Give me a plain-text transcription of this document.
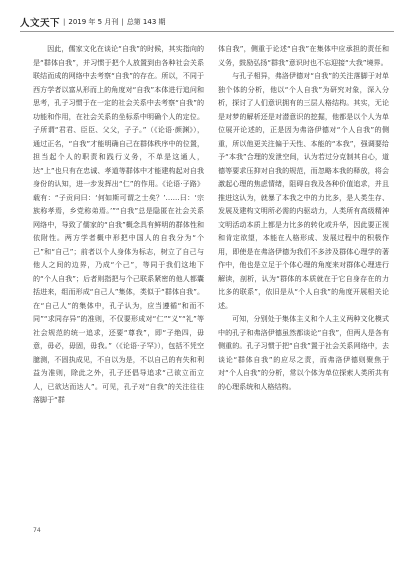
人文天下 | 2019 年 5 月刊 | 总第 143 期

因此，儒家文化在谈论“自我”的时候，其实指向的是“群体自我”，并习惯于把个人放置到由各种社会关系联结而成的网络中去考察“自我”的存在。所以，不同于西方学者以富从形而上的角度对“自我”本体进行追问和思考，孔子习惯于在一定的社会关系中去考察“自我”的功能和作用，在社会关系的坐标系中明确个人的定位。子所谓“君君、臣臣、父父，子子。”（《论语·颜渊》），通过正名，“自我”才能明确自己在群体秩序中的位置，担当起个人的职责和践行义务，不单是这通人，达“上”也只有在忠诚、孝道等群体中才能建构起对自我身份的认知，进一步发挥出“仁”的作用。《论语·子路》载有：“子贡问曰：‘何如斯可谓之士矣？’……曰：‘宗族称孝焉，乡党称弟焉。’”“自我”总是隐匿在社会关系网络中，导致了儒家的“自我”概念具有鲜明的群体性和依附性。两方学者概中形把中国人的自我分为“个己”和“自己”；前者以个人身体为标志，树立了自己与他人之间的边界，乃成“个己”，等同于我们这地下的“个人自我”；后者则指把与个己联系紧密的他人都囊括进来，组而形成“自己人”集体，类似于“群体自我”。在“自己人”的集体中，孔子认为，应当遵循“和而不同”“求同存异”的准则，不仅要形成对“仁”“义”“礼”等社会规范的统一追求，还要“尊我”，即“子绝四，毋意，毋必，毋固，毋我。”（《论语·子罕》），包括不凭空臆测，不固执成见，不自以为是，不以自己的有失和利益为准则，除此之外，孔子还倡导追求“己欲立而立人，已欲达而达人”。可见，孔子对“自我”的关注往往落脚于“群

体自我”，侧重于论述“自我”在集体中应承担的责任和义务，鼓励弘扬“群我”意识时也不忘迎接“大我”境界。

与孔子相异，弗洛伊德对“自我”的关注落脚于对单独个体的分析，他以“个人自我”为研究对象，深入分析，探讨了人们意识拥有的三层人格结构。其实，无论是对梦的解析还是对潜意识的挖掘，他都是以个人为单位展开论述的，正是因为弗洛伊德对“个人自我”的侧重，所以他更关注偏于天性、本能的“本我”，强调要给予“本我”合理的发泄空间，认为若过分克制其自心，道德等要求压抑对自我的规范，而忽略本我的释放，将会激起心理的焦虑情绪，阻碍自我及各种价值追求，并且推进这认为，就暴了本我之中的力比多，是人类生存、发展及建构文明所必需的内驱动力，人类所有高级精神文明活动本质上都是力比多的转化或升华，因此要正视和肯定欲望，本能在人格形成、发展过程中的积极作用，即使是在弗洛伊德为我们不多涉及群体心理学的著作中，他也是立足于个体心理的角度来对群体心理进行解读，剖析，认为“群体的本质就在于它自身存在的力比多的联系”，依旧是从“个人自我”的角度开展相关论述。

可知，分别处于集体主义和个人主义两种文化模式中的孔子和弗洛伊德虽然都谈论“自我”，但两人是各有侧重的。孔子习惯于把“自我”置于社会关系网络中，去谈论“群体自我”的应尽之责，而弗洛伊德则聚焦于对“个人自我”的分析，常以个体为单位探索人类所共有的心理系统和人格结构。

74
